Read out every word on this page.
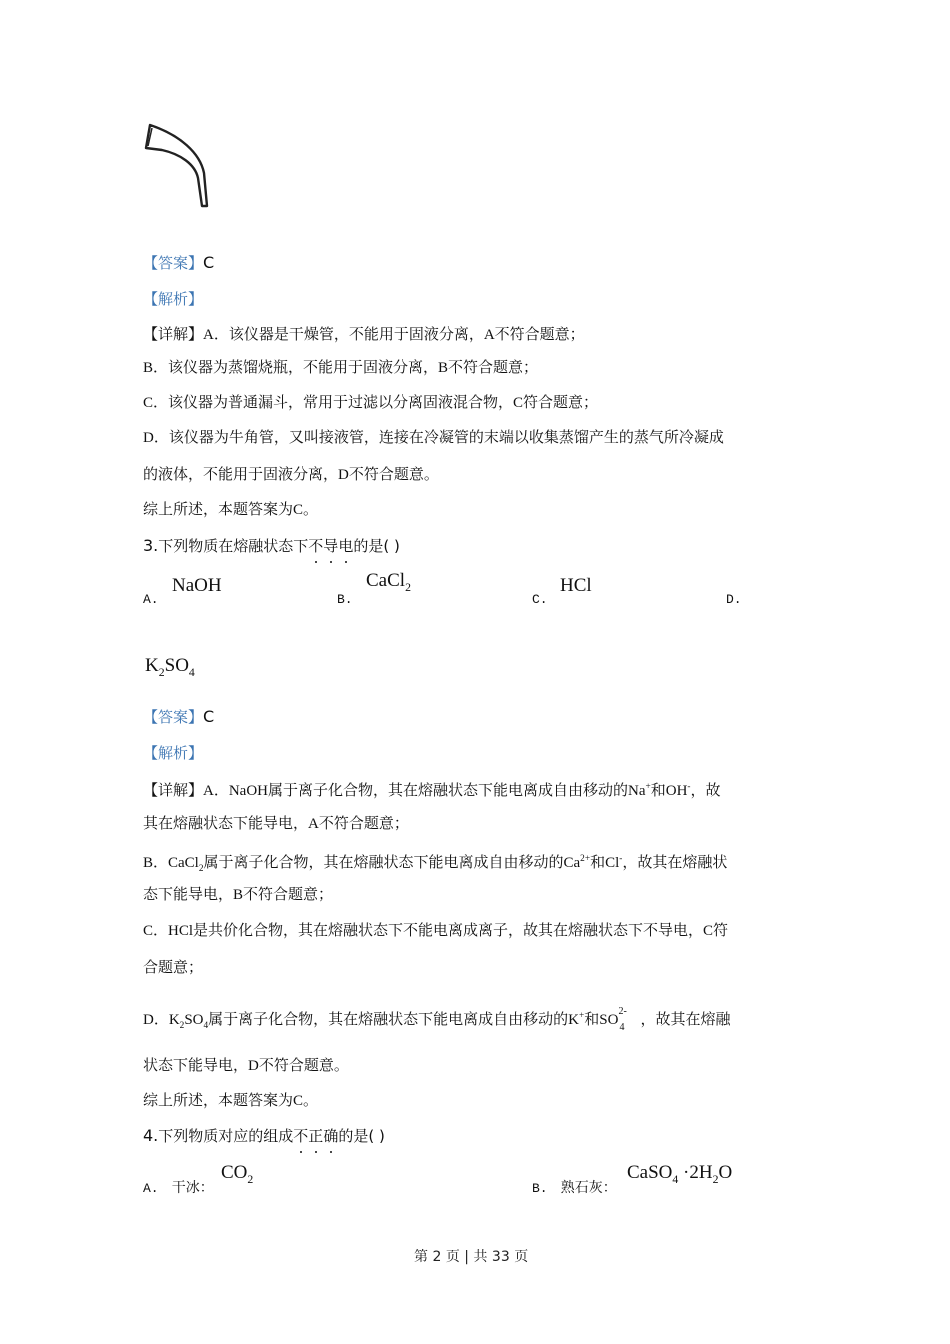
【答案】C
【解析】
【详解】A．该仪器是干燥管，不能用于固液分离，A不符合题意；
B．该仪器为蒸馏烧瓶，不能用于固液分离，B不符合题意；
C．该仪器为普通漏斗，常用于过滤以分离固液混合物，C符合题意；
D．该仪器为牛角管，又叫接液管，连接在冷凝管的末端以收集蒸馏产生的蒸气所冷凝成
的液体，不能用于固液分离，D不符合题意。
综上所述，本题答案为C。
3.下列物质在熔融状态下不导电的是( )
A.
NaOH
B.
CaCl$_2$
C.
HCl
D.
$K_2SO_4$
【答案】C
【解析】
【详解】A．NaOH属于离子化合物，其在熔融状态下能电离成自由移动的Na+和OH-，故
其在熔融状态下能导电，A不符合题意；
B．CaCl$_2$属于离子化合物，其在熔融状态下能电离成自由移动的$Ca^{2+}$和Cl-，故其在熔融状
态下能导电，B不符合题意；
C．HCl是共价化合物，其在熔融状态下不能电离成离子，故其在熔融状态下不导电，C符
合题意；
D．$K_2SO_4$属于离子化合物，其在熔融状态下能电离成自由移动的K+和SO
2-
4 ，故其在熔融
状态下能导电，D不符合题意。
综上所述，本题答案为C。
4.下列物质对应的组成不正确的是( )
A. 干冰：
$CO_2$
B. 熟石灰：
CaSO$_4$ $\cdot 2H_2O$
第 2 页 | 共 33 页
